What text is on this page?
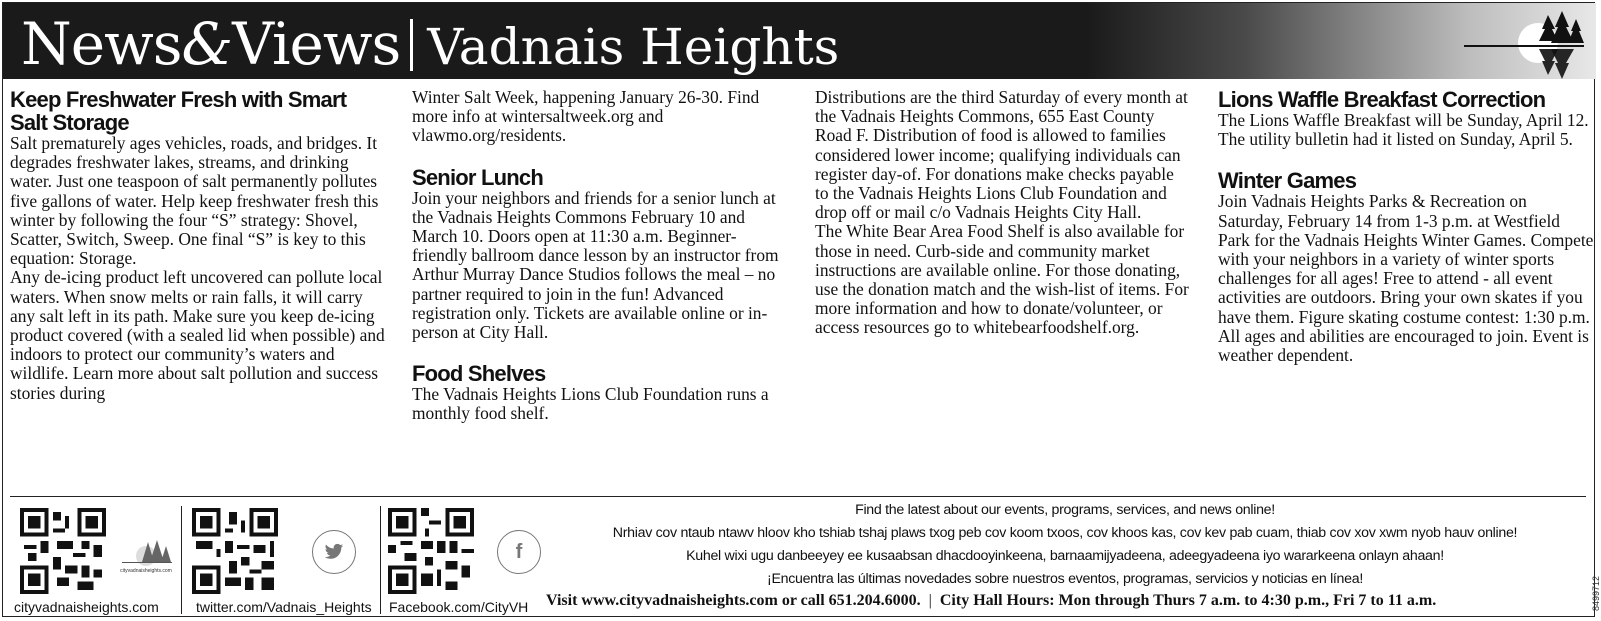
News&Views Vadnais Heights
Keep Freshwater Fresh with Smart Salt Storage

Salt prematurely ages vehicles, roads, and bridges. It degrades freshwater lakes, streams, and drinking water. Just one teaspoon of salt permanently pollutes five gallons of water. Help keep freshwater fresh this winter by following the four “S” strategy: Shovel, Scatter, Switch, Sweep. One final “S” is key to this equation: Storage.

Any de-icing product left uncovered can pollute local waters. When snow melts or rain falls, it will carry any salt left in its path. Make sure you keep de-icing product covered (with a sealed lid when possible) and indoors to protect our community’s waters and wildlife. Learn more about salt pollution and success stories during

Winter Salt Week, happening January 26-30. Find more info at wintersaltweek.org and vlawmo.org/residents.

Senior Lunch

Join your neighbors and friends for a senior lunch at the Vadnais Heights Commons February 10 and March 10. Doors open at 11:30 a.m. Beginner-friendly ballroom dance lesson by an instructor from Arthur Murray Dance Studios follows the meal – no partner required to join in the fun! Advanced registration only. Tickets are available online or in-person at City Hall.

Food Shelves

The Vadnais Heights Lions Club Foundation runs a monthly food shelf.

Distributions are the third Saturday of every month at the Vadnais Heights Commons, 655 East County Road F. Distribution of food is allowed to families considered lower income; qualifying individuals can register day-of. For donations make checks payable to the Vadnais Heights Lions Club Foundation and drop off or mail c/o Vadnais Heights City Hall.

The White Bear Area Food Shelf is also available for those in need. Curb-side and community market instructions are available online. For those donating, use the donation match and the wish-list of items. For more information and how to donate/volunteer, or access resources go to whitebearfoodshelf.org.

Lions Waffle Breakfast Correction

The Lions Waffle Breakfast will be Sunday, April 12. The utility bulletin had it listed on Sunday, April 5.

Winter Games

Join Vadnais Heights Parks & Recreation on Saturday, February 14 from 1-3 p.m. at Westfield Park for the Vadnais Heights Winter Games. Compete with your neighbors in a variety of winter sports challenges for all ages! Free to attend - all event activities are outdoors. Bring your own skates if you have them. Figure skating costume contest: 1:30 p.m. All ages and abilities are encouraged to join. Event is weather dependent.

cityvadnaisheights.com
f
cityvadnaisheights.com	twitter.com/Vadnais_Heights Facebook.com/CityVH
Find the latest about our events, programs, services, and news online!
Nrhiav cov ntaub ntawv hloov kho tshiab tshaj plaws txog peb cov koom txoos, cov khoos kas, cov kev pab cuam, thiab cov xov xwm nyob hauv online!
Kuhel wixi ugu danbeeyey ee kusaabsan dhacdooyinkeena, barnaamijyadeena, adeegyadeena iyo wararkeena onlayn ahaan!
¡Encuentra las últimas novedades sobre nuestros eventos, programas, servicios y noticias en línea!
Visit www.cityvadnaisheights.com or call 651.204.6000. | City Hall Hours: Mon through Thurs 7 a.m. to 4:30 p.m., Fri 7 to 11 a.m.	8499712
